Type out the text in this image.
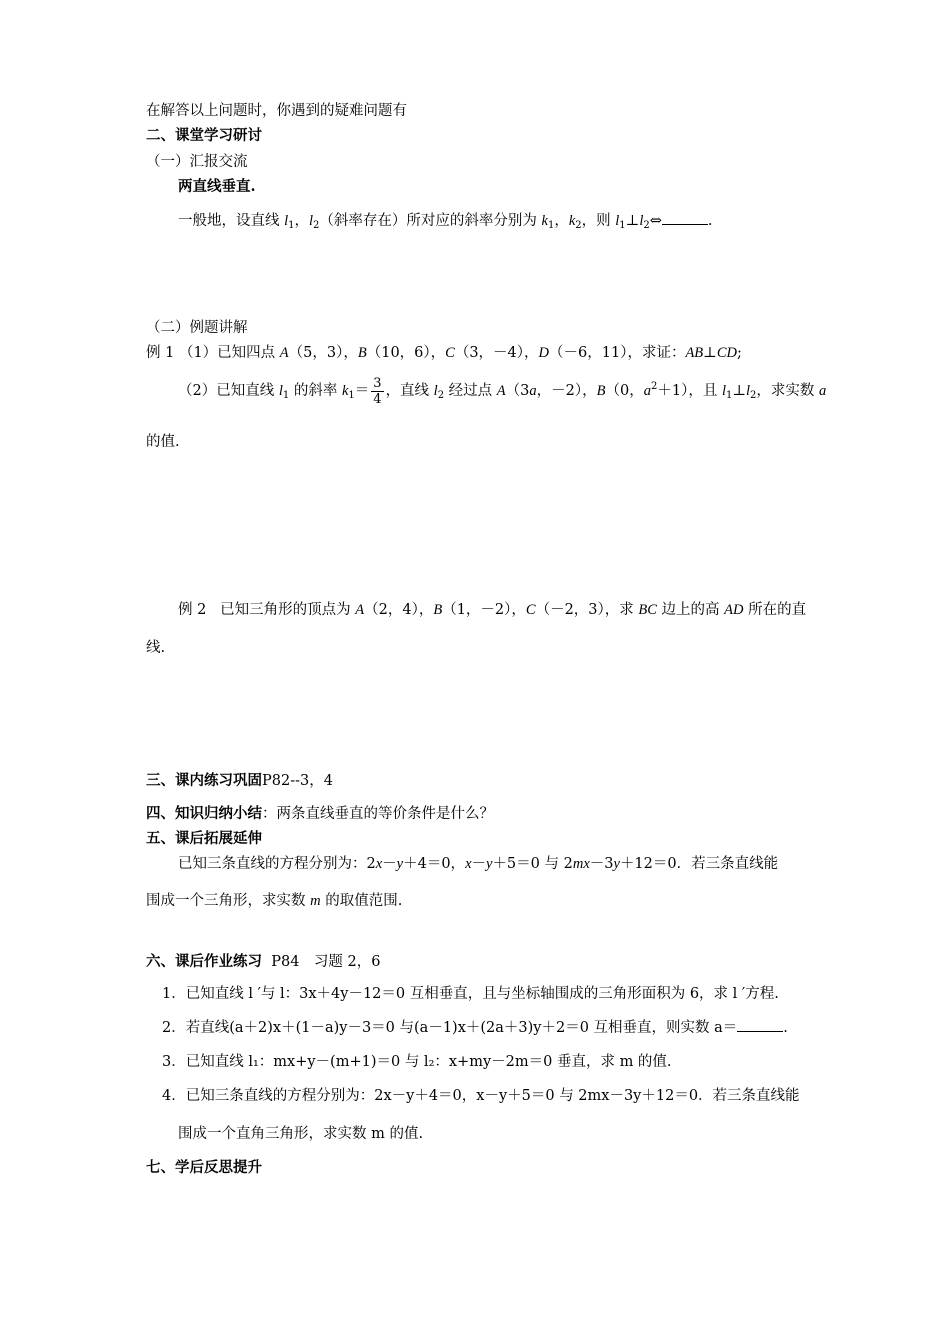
在解答以上问题时，你遇到的疑难问题有
二、课堂学习研讨
（一）汇报交流
两直线垂直.
一般地，设直线 $l_1$，$l_2$（斜率存在）所对应的斜率分别为 $k_1$，$k_2$，则 $l_1\perp l_2\Leftrightarrow$	.
（二）例题讲解
例 1 （1）已知四点 A（5，3），B（10，6），C（3，－4），D（－6，11），求证：AB⊥CD;
（2）已知直线 $l_1$ 的斜率 $k_1= \frac{3}{4}$ ，直线 $l_2$ 经过点 A（3a，－2），B（0，$a^2+1$），且 $l_1\perp l_2$，求实数 a
的值.
例 2 已知三角形的顶点为 A（2，4），B（1，－2），C（－2，3），求 BC 边上的高 AD 所在的直
线.
三、课内练习巩固P82--3，4
四、知识归纳小结：两条直线垂直的等价条件是什么？
五、课后拓展延伸
已知三条直线的方程分别为：2x－y＋4＝0，x－y＋5＝0 与 2mx－3y＋12＝0．若三条直线能
围成一个三角形，求实数 m 的取值范围.
六、课后作业练习 P84　习题 2，6
1．已知直线 l ′与 l：3x＋4y－12＝0 互相垂直，且与坐标轴围成的三角形面积为 6，求 l ′方程.
2．若直线(a＋2)x＋(1－a)y－3＝0 与(a－1)x＋(2a＋3)y＋2＝0 互相垂直，则实数 a＝	.
3．已知直线 l₁：mx+y－(m+1)＝0 与 l₂：x+my－2m＝0 垂直，求 m 的值.
4．已知三条直线的方程分别为：2x－y＋4＝0，x－y＋5＝0 与 2mx－3y＋12＝0．若三条直线能
围成一个直角三角形，求实数 m 的值.
七、学后反思提升
